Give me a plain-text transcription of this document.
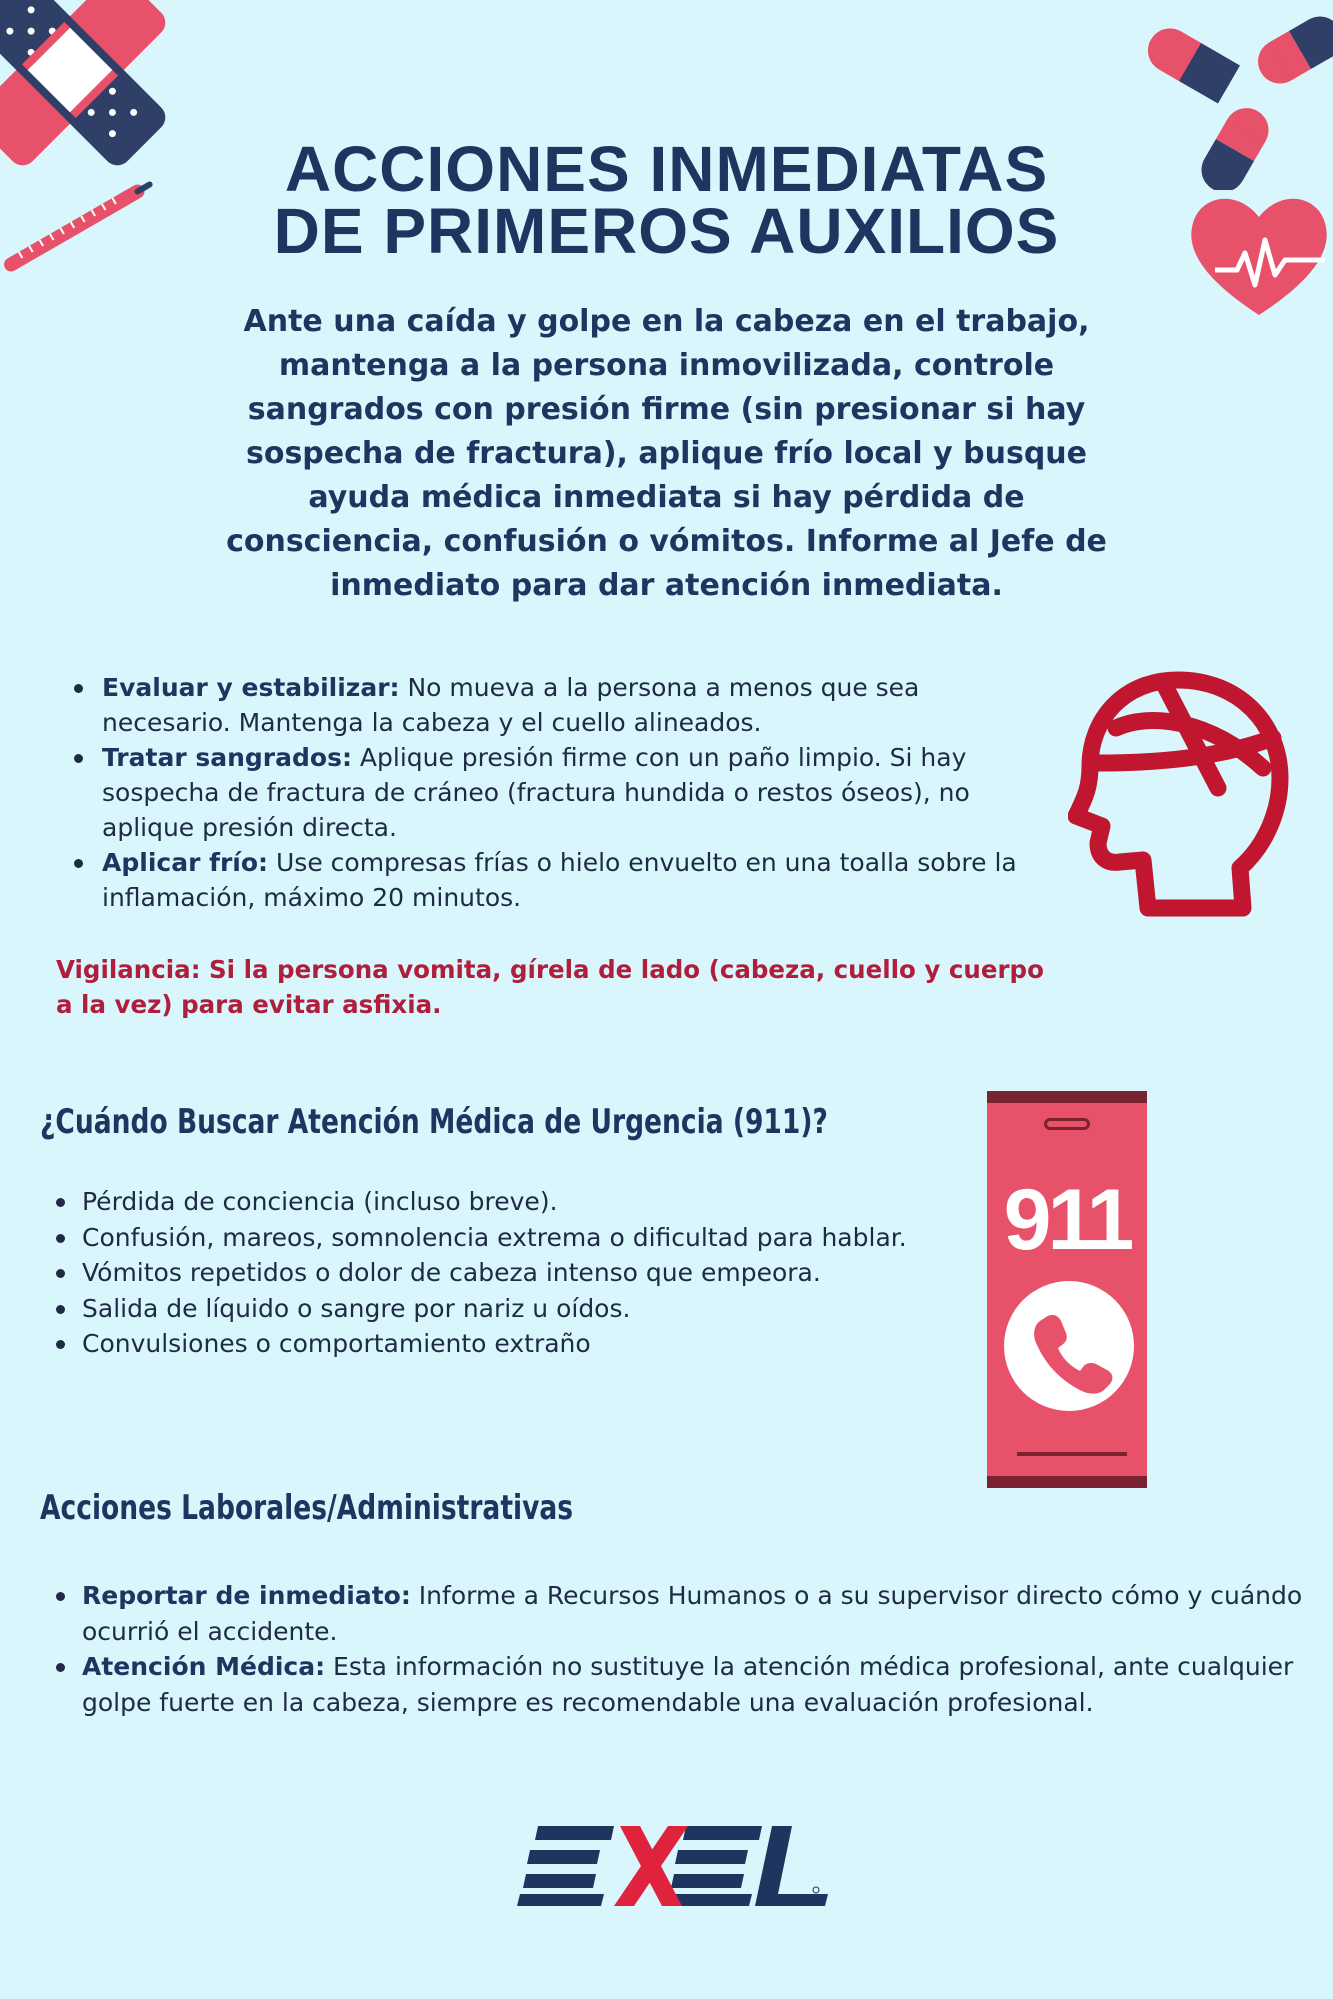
ACCIONES INMEDIATAS
DE PRIMEROS AUXILIOS

Ante una caída y golpe en la cabeza en el trabajo, mantenga a la persona inmovilizada, controle sangrados con presión firme (sin presionar si hay sospecha de fractura), aplique frío local y busque ayuda médica inmediata si hay pérdida de consciencia, confusión o vómitos. Informe al Jefe de inmediato para dar atención inmediata.

Evaluar y estabilizar: No mueva a la persona a menos que sea necesario. Mantenga la cabeza y el cuello alineados.
Tratar sangrados: Aplique presión firme con un paño limpio. Si hay sospecha de fractura de cráneo (fractura hundida o restos óseos), no aplique presión directa.
Aplicar frío: Use compresas frías o hielo envuelto en una toalla sobre la inflamación, máximo 20 minutos.

Vigilancia: Si la persona vomita, gírela de lado (cabeza, cuello y cuerpo a la vez) para evitar asfixia.

¿Cuándo Buscar Atención Médica de Urgencia (911)?
Pérdida de conciencia (incluso breve).
Confusión, mareos, somnolencia extrema o dificultad para hablar.
Vómitos repetidos o dolor de cabeza intenso que empeora.
Salida de líquido o sangre por nariz u oídos.
Convulsiones o comportamiento extraño
911
Acciones Laborales/Administrativas
Reportar de inmediato: Informe a Recursos Humanos o a su supervisor directo cómo y cuándo ocurrió el accidente.
Atención Médica: Esta información no sustituye la atención médica profesional, ante cualquier golpe fuerte en la cabeza, siempre es recomendable una evaluación profesional.
